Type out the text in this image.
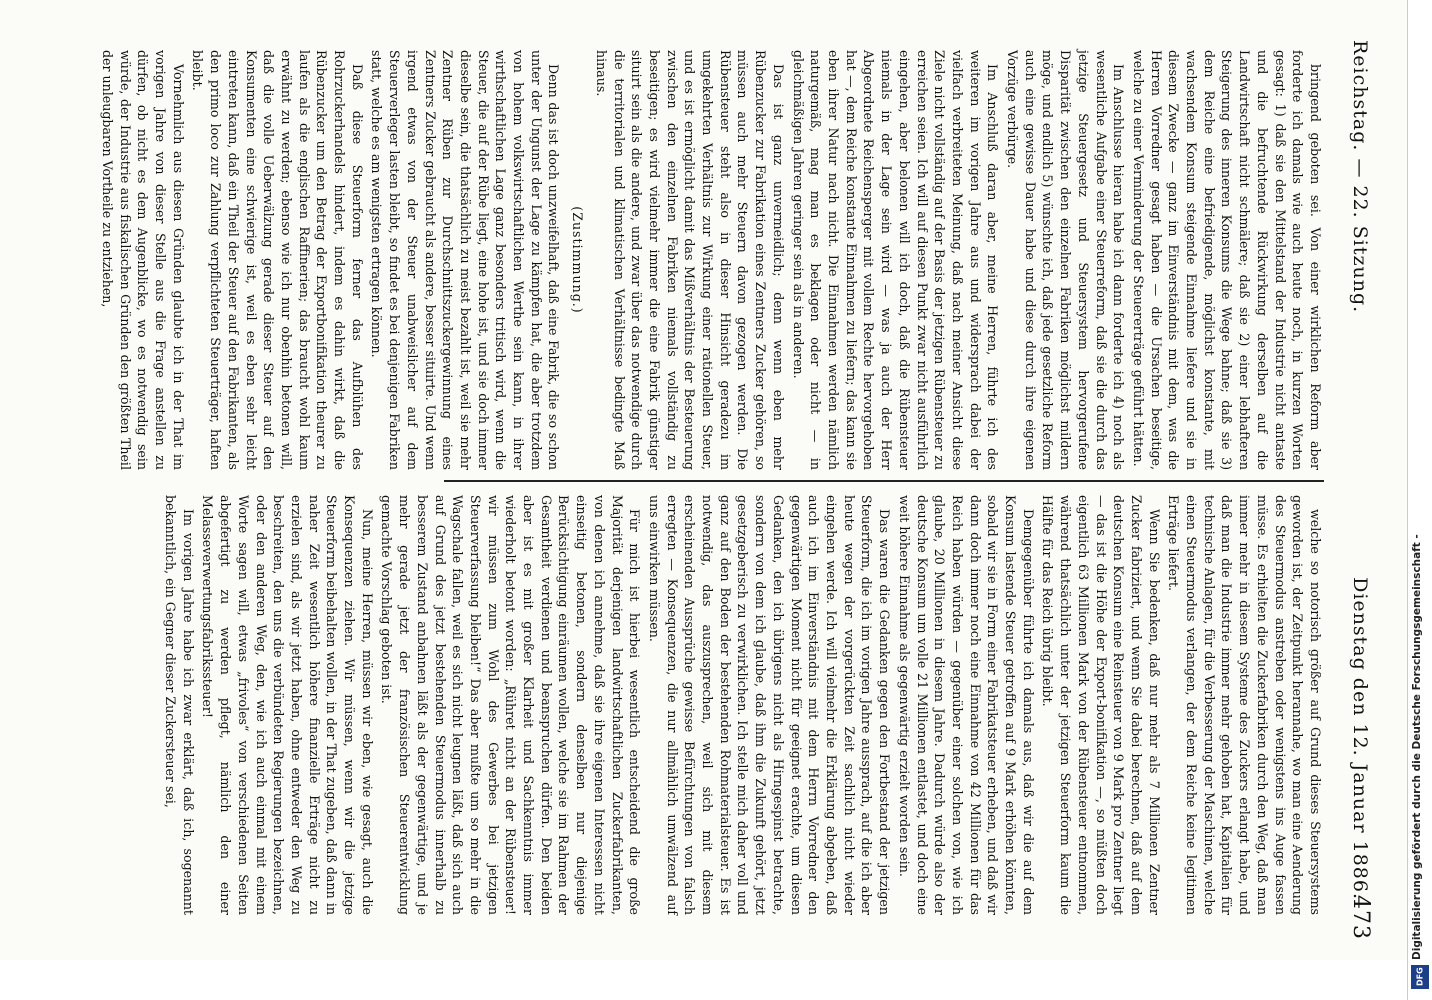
Reichstag. — 22. Sitzung.
Dienstag den 12. Januar 1886.
473

bringend geboten sei. Von einer wirklichen Reform aber forderte ich damals wie auch heute noch, in kurzen Worten gesagt: 1) daß sie den Mittelstand der Industrie nicht antaste und die befruchtende Rückwirkung derselben auf die Landwirtschaft nicht schmälere; daß sie 2) einer lebhafteren Steigerung des inneren Konsums die Wege bahne; daß sie 3) dem Reiche eine befriedigende, möglichst konstante, mit wachsendem Konsum steigende Einnahme liefere und sie in diesem Zwecke — ganz im Einverständnis mit dem, was die Herren Vorredner gesagt haben — die Ursachen beseitige, welche zu einer Verminderung der Steuererträge geführt hätten.

Im Anschlusse hieran habe ich dann forderte ich 4) noch als wesentliche Aufgabe einer Steuerreform, daß sie die durch das jetzige Steuergesetz und Steuersystem hervorgerufene Disparität zwischen den einzelnen Fabriken möglichst mildern möge, und endlich 5) wünschte ich, daß jede gesetzliche Reform auch eine gewisse Dauer habe und diese durch ihre eigenen Vorzüge verbürge.

Im Anschluß daran aber, meine Herren, führte ich des weiteren im vorigen Jahre aus und widersprach dabei der vielfach verbreiteten Meinung, daß nach meiner Ansicht diese Ziele nicht vollständig auf der Basis der jetzigen Rübensteuer zu erreichen seien. Ich will auf diesen Punkt zwar nicht ausführlich eingehen, aber belonen will ich doch, daß die Rübensteuer niemals in der Lage sein wird — was ja auch der Herr Abgeordnete Reichensperger mit vollem Rechte hervorgehoben hat —, dem Reiche konstante Einnahmen zu liefern; das kann sie eben ihrer Natur nach nicht. Die Einnahmen werden nämlich naturgemäß, mag man es beklagen oder nicht — in gleichmäßigen Jahren geringer sein als in anderen.

Das ist ganz unvermeidlich; denn wenn eben mehr Rübenzucker zur Fabrikation eines Zentners Zucker gehören, so müssen auch mehr Steuern davon gezogen werden. Die Rübensteuer steht also in dieser Hinsicht geradezu im umgekehrten Verhältnis zur Wirkung einer rationellen Steuer, und es ist ermöglicht damit das Mißverhältnis der Besteuerung zwischen den einzelnen Fabriken niemals vollständig zu beseitigen; es wird vielmehr immer die eine Fabrik günstiger situirt sein als die andere, und zwar über das notwendige durch die territorialen und klimatischen Verhältnisse bedingte Maß hinaus.

(Zustimmung.)

Denn das ist doch unzweifelhaft, daß eine Fabrik, die so schon unter der Ungunst der Lage zu kämpfen hat, die aber trotzdem von hohem volkswirtschaftlichen Werthe sein kann, in ihrer wirthschaftlichen Lage ganz besonders tritisch wird, wenn die Steuer, die auf der Rübe liegt, eine hohe ist, und sie doch immer dieselbe sein, die thatsächlich zu meist bezahlt ist, weil sie mehr Zentner Rüben zur Durchschnittszuckergewinnung eines Zentners Zucker gebraucht als andere, besser situirte. Und wenn irgend etwas von der Steuer unabweislicher auf dem Steuerverleger lasten bleibt, so findet es bei denjenigen Fabriken statt, welche es am wenigsten ertragen können.

Daß diese Steuerform ferner das Aufblühen des Rohrzuckerhandels hindert, indem es dahin wirkt, daß die Rübenzucker um den Betrag der Exportbonifikation theurer zu laufen als die englischen Raffinerien; das braucht wohl kaum erwähnt zu werden; ebenso wie ich nur obenhin betonen will, daß die volle Ueberwälzung gerade dieser Steuer auf den Konsumenten eine schwierige ist, weil es eben sehr leicht eintreten kann, daß ein Theil der Steuer auf den Fabrikanten, als den primo loco zur Zahlung verpflichteten Steuerträger, haften bleibt.

Vornehmlich aus diesen Gründen glaubte ich in der That im vorigen Jahre von dieser Stelle aus die Frage anstellen zu dürfen, ob nicht es dem Augenblicke, wo es notwendig sein würde, der Industrie aus fiskalischen Gründen den größten Theil der unleugbaren Vortheile zu entziehen,

welche so notorisch größer auf Grund dieses Steuersystems geworden ist, der Zeitpunkt herannahe, wo man eine Aenderung des Steuermodus anstreben oder wenigstens ins Auge fassen müsse. Es erhielten die Zuckerfabriken durch den Weg, daß man immer mehr in diesem Systeme des Zuckers erlangt habe, und daß man die Industrie immer mehr gehoben hat, Kapitalien für technische Anlagen, für die Verbesserung der Maschinen, welche einen Steuermodus verlangen, der dem Reiche keine legitimen Erträge liefert.

Wenn Sie bedenken, daß nur mehr als 7 Millionen Zentner Zucker fabriziert, und wenn Sie dabei berechnen, daß auf dem deutschen Konsum eine Reinsteuer von 9 Mark pro Zentner liegt — das ist die Höhe der Export-bonifikation —, so müßten doch eigentlich 63 Millionen Mark von der Rübensteuer entnommen, während thatsächlich unter der jetzigen Steuerform kaum die Hälfte für das Reich übrig bleibt.

Demgegenüber führte ich damals aus, daß wir die auf dem Konsum lastende Steuer getroffen auf 9 Mark erhöhen könnten, sobald wir sie in Form einer Fabrikatsteuer erheben, und daß wir dann doch immer noch eine Einnahme von 42 Millionen für das Reich haben würden — gegenüber einer solchen von, wie ich glaube, 20 Millionen in diesem Jahre. Dadurch würde also der deutsche Konsum um volle 21 Millionen entlastet, und doch eine weit höhere Einnahme als gegenwärtig erzielt worden sein.

Das waren die Gedanken gegen den Fortbestand der jetzigen Steuerform, die ich im vorigen Jahre aussprach, auf die ich aber heute wegen der vorgerückten Zeit sachlich nicht wieder eingehen werde. Ich will vielmehr die Erklärung abgeben, daß auch ich im Einverständnis mit dem Herrn Vorredner den gegenwärtigen Moment nicht für geeignet erachte, um diesen Gedanken, den ich übrigens nicht als Hirngespinst betrachte, sondern von dem ich glaube, daß ihm die Zukunft gehört, jetzt gesetzgeberisch zu verwirklichen. Ich stelle mich daher voll und ganz auf den Boden der bestehenden Rohmaterialsteuer. Es ist notwendig, das auszusprechen, weil sich mit diesem erscheinenden Aussprüche gewisse Befürchtungen von falsch erregten — Konsequenzen, die nur allmählich umwälzend auf uns einwirken müssen.

Für mich ist hierbei wesentlich entscheidend die große Majorität derjenigen landwirtschaftlichen Zuckerfabrikanten, von denen ich annehme, daß sie ihre eigenen Interessen nicht einseitig betonen, sondern denselben nur diejenige Berücksichtigung einräumen wollen, welche sie im Rahmen der Gesamtheit verdienen und beanspruchen dürfen. Den beiden aber ist es mit großer Klarheit und Sachkenntnis immer wiederholt betont worden: „Rühret nicht an der Rübensteuer! wir müssen zum Wohl des Gewerbes bei jetzigen Steuerverfassung bleiben!“ Das aber mußte um so mehr in die Wagschale fallen, weil es sich nicht leugnen läßt, daß sich auch auf Grund des jetzt bestehenden Steuermodus innerhalb zu besserem Zustand anbahnen läßt als der gegenwärtige, und je mehr gerade jetzt der französischen Steuerentwicklung gemachte Vorschlag geboten ist.

Nun, meine Herren, müssen wir eben, wie gesagt, auch die Konsequenzen ziehen. Wir müssen, wenn wir die jetzige Steuerform beibehalten wollen, in der That zugeben, daß dann in naher Zeit wesentlich höhere finanzielle Erträge nicht zu erzielen sind, als wir jetzt haben, ohne entweder den Weg zu beschreiten, den uns die verbündeten Regierungen bezeichnen, oder den anderen Weg, den, wie ich auch einmal mit einem Worte sagen will, etwas „frivoles“ von verschiedenen Seiten abgefertigt zu werden pflegt, nämlich den einer Melasseverwertungsfabrikssteuer!

Im vorigen Jahre habe ich zwar erklärt, daß ich, sogenannt bekanntlich, ein Gegner dieser Zuckersteuer sei,	Digitalisierung gefördert durch die Deutsche Forschungsgemeinschaft -
DFG
